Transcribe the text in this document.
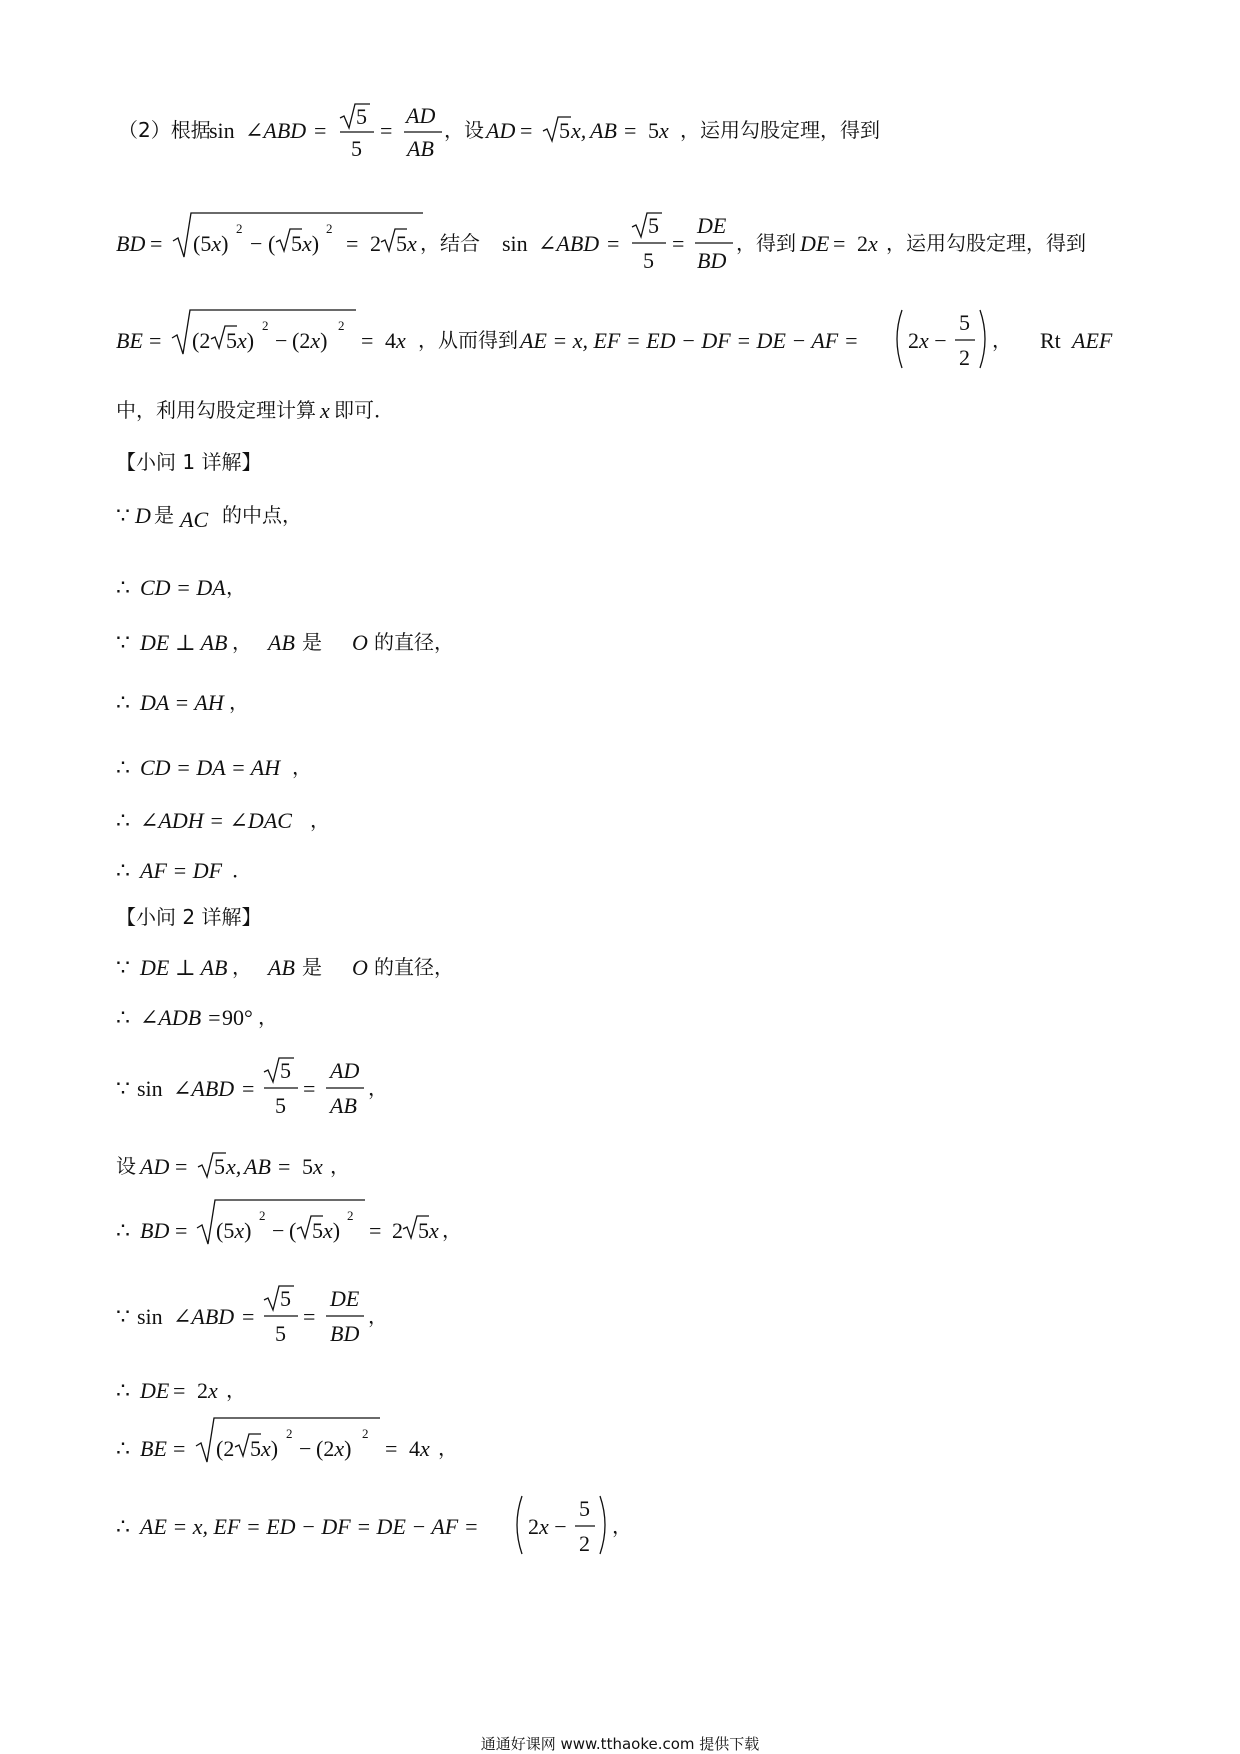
（2）根据
sin ∠ABD =
5
5
=
AD
AB
，设 AD = 5 x, AB = 5x ，运用勾股定理，得到
BD = (5x)
2
− ( 5 x)
2
= 2 5 x ，结合 sin ∠ABD =
5
5
=
DE
BD
，得到 DE = 2x ，运用勾股定理，得到
BE = (2 5 x)
2
− (2x)
2
= 4x ，从而得到 AE = x, EF = ED − DF = DE − AF = 2x −
5
2
， Rt AEF
中，利用勾股定理计算 x 即可．
【小问 1 详解】
∵ D 是 AC 的中点，
∴ CD = DA ，
∵ DE ⊥ AB ， AB 是 O 的直径，
∴ DA = AH ，
∴ CD = DA = AH ，
∴ ∠ADH = ∠DAC ，
∴ AF = DF ．
【小问 2 详解】
∵ DE ⊥ AB ， AB 是 O 的直径，
∴ ∠ADB = 90° ，
∵ sin ∠ABD =
5
5
=
AD
AB
，
设 AD = 5 x, AB = 5x ，
∴ BD = (5x)
2
− ( 5 x)
2
= 2 5 x ，
∵ sin ∠ABD =
5
5
=
DE
BD
，
∴ DE = 2x ，
∴ BE = (2 5 x)
2
− (2x)
2
= 4x ，
∴ AE = x, EF = ED − DF = DE − AF = 2x −
5
2
，
通通好课网 www.tthaoke.com 提供下载
